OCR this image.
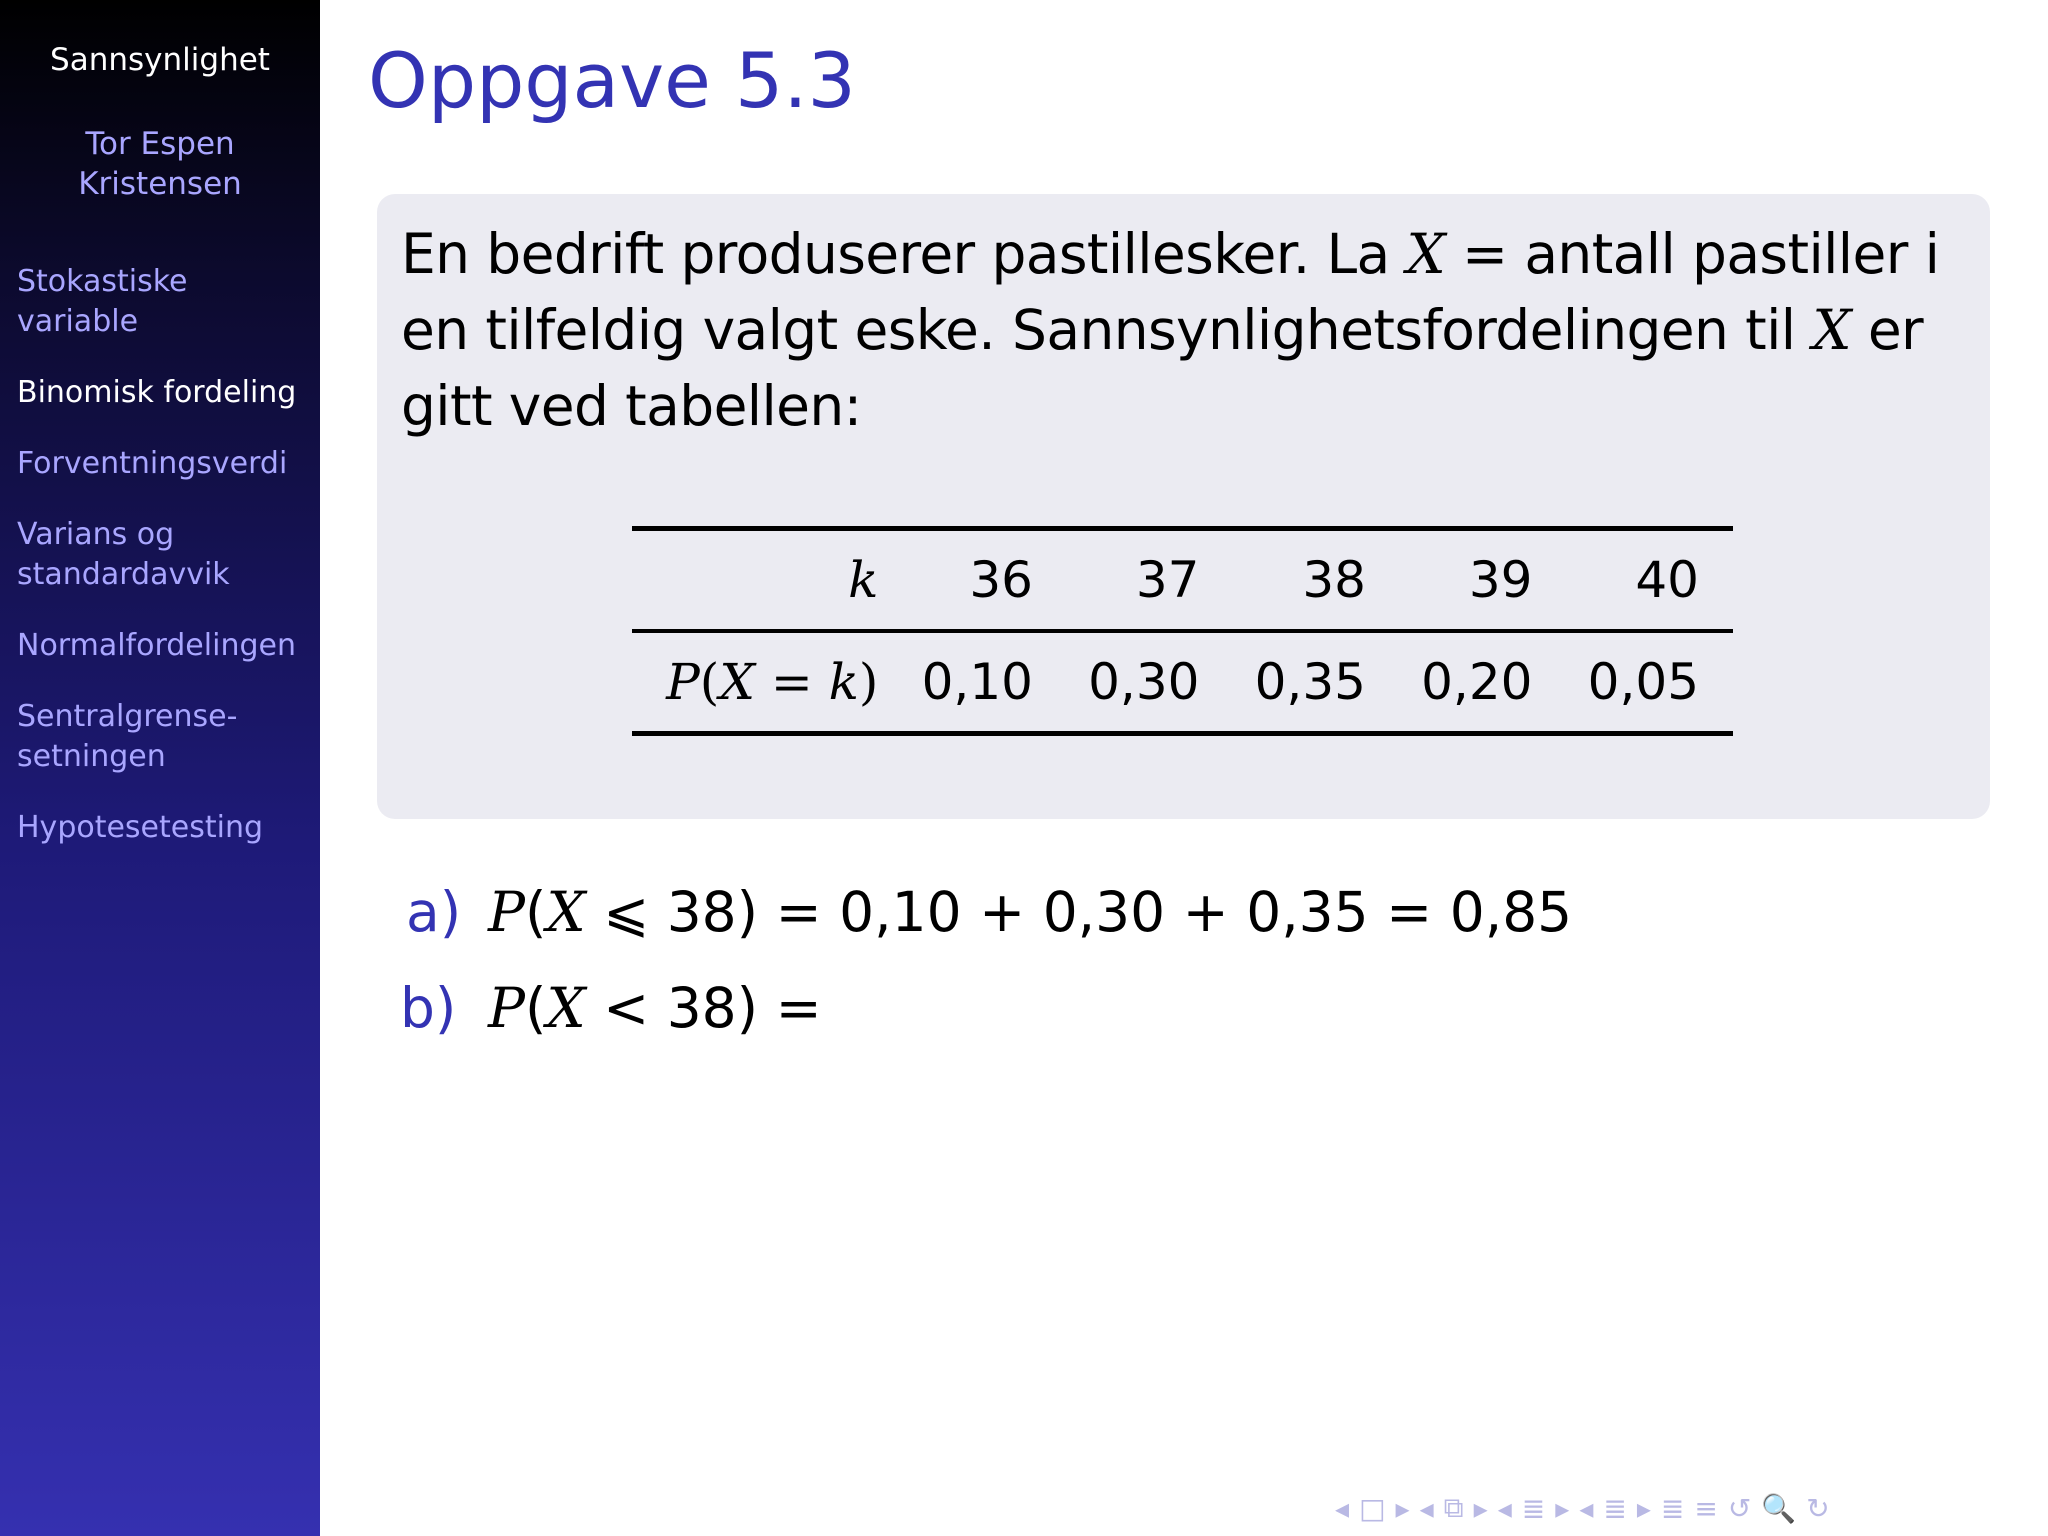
Sannsynlighet
Tor Espen
Kristensen
Stokastiske variable
Binomisk fordeling
Forventningsverdi
Varians og
standardavvik
Normalfordelingen
Sentralgrense-
setningen
Hypotesetesting
Oppgave 5.3
En bedrift produserer pastillesker. La X = antall pastiller i en tilfeldig valgt eske. Sannsynlighetsfordelingen til X er gitt ved tabellen:
k	36	37	38	39	40
P(X = k)	0,10	0,30	0,35	0,20	0,05
a) P(X ⩽ 38) = 0,10 + 0,30 + 0,35 = 0,85
b) P(X < 38) =
◂ □ ▸ ◂ ⧉ ▸ ◂ ≣ ▸ ◂ ≣ ▸ ≣ ≡ ↺ 🔍 ↻
